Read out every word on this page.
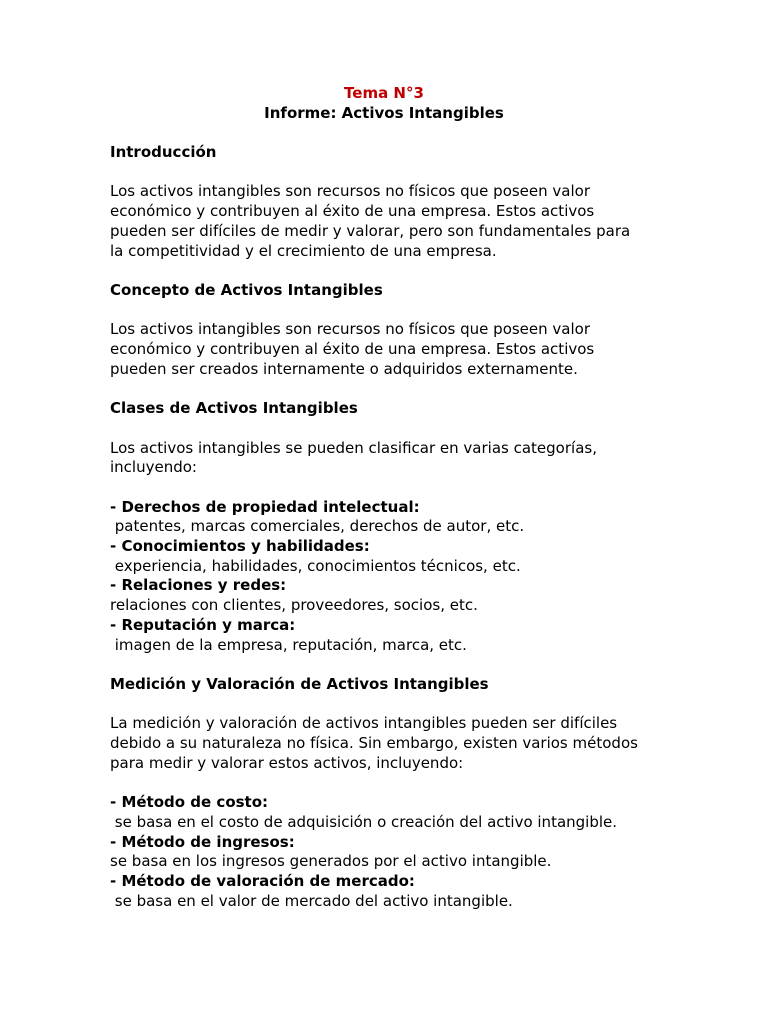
Tema N°3
Informe: Activos Intangibles
Introducción

Los activos intangibles son recursos no físicos que poseen valor

económico y contribuyen al éxito de una empresa. Estos activos

pueden ser difíciles de medir y valorar, pero son fundamentales para

la competitividad y el crecimiento de una empresa.

Concepto de Activos Intangibles

Los activos intangibles son recursos no físicos que poseen valor

económico y contribuyen al éxito de una empresa. Estos activos

pueden ser creados internamente o adquiridos externamente.

Clases de Activos Intangibles

Los activos intangibles se pueden clasificar en varias categorías,

incluyendo:

- Derechos de propiedad intelectual:
patentes, marcas comerciales, derechos de autor, etc.
- Conocimientos y habilidades:
experiencia, habilidades, conocimientos técnicos, etc.
- Relaciones y redes:
relaciones con clientes, proveedores, socios, etc.
- Reputación y marca:
imagen de la empresa, reputación, marca, etc.
Medición y Valoración de Activos Intangibles

La medición y valoración de activos intangibles pueden ser difíciles

debido a su naturaleza no física. Sin embargo, existen varios métodos

para medir y valorar estos activos, incluyendo:

- Método de costo:
se basa en el costo de adquisición o creación del activo intangible.
- Método de ingresos:
se basa en los ingresos generados por el activo intangible.
- Método de valoración de mercado:
se basa en el valor de mercado del activo intangible.
